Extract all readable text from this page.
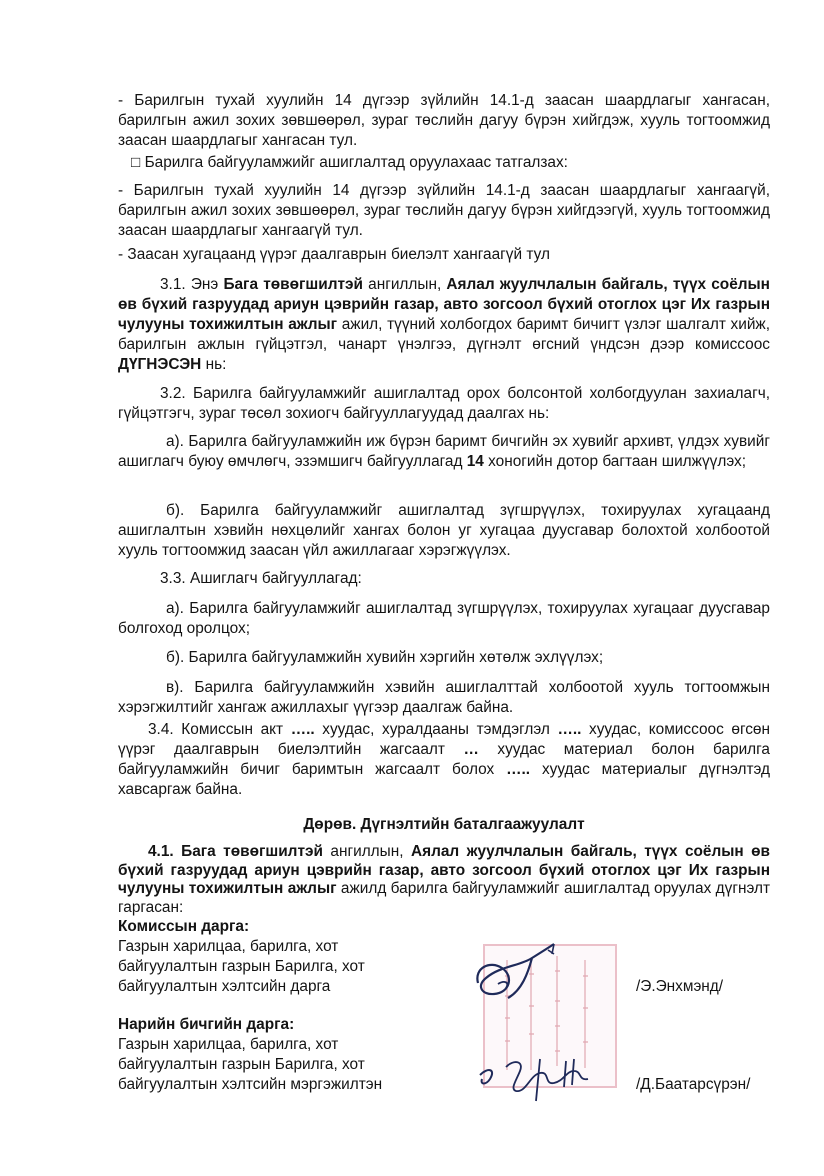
- Барилгын тухай хуулийн 14 дүгээр зүйлийн 14.1-д заасан шаардлагыг хангасан, барилгын ажил зохих зөвшөөрөл, зураг төслийн дагуу бүрэн хийгдэж, хууль тогтоомжид заасан шаардлагыг хангасан тул.

□ Барилга байгууламжийг ашиглалтад оруулахаас татгалзах:

- Барилгын тухай хуулийн 14 дүгээр зүйлийн 14.1-д заасан шаардлагыг хангаагүй, барилгын ажил зохих зөвшөөрөл, зураг төслийн дагуу бүрэн хийгдээгүй, хууль тогтоомжид заасан шаардлагыг хангаагүй тул.

- Заасан хугацаанд үүрэг даалгаврын биелэлт хангаагүй тул

3.1. Энэ Бага төвөгшилтэй ангиллын, Аялал жуулчлалын байгаль, түүх соёлын өв бүхий газруудад ариун цэврийн газар, авто зогсоол бүхий отоглох цэг Их газрын чулууны тохижилтын ажлыг ажил, түүний холбогдох баримт бичигт үзлэг шалгалт хийж, барилгын ажлын гүйцэтгэл, чанарт үнэлгээ, дүгнэлт өгсний үндсэн дээр комиссоос ДҮГНЭСЭН нь:

3.2. Барилга байгууламжийг ашиглалтад орох болсонтой холбогдуулан захиалагч, гүйцэтгэгч, зураг төсөл зохиогч байгууллагуудад даалгах нь:

а). Барилга байгууламжийн иж бүрэн баримт бичгийн эх хувийг архивт, үлдэх хувийг ашиглагч буюу өмчлөгч, эзэмшигч байгууллагад 14 хоногийн дотор багтаан шилжүүлэх;

б). Барилга байгууламжийг ашиглалтад зүгшрүүлэх, тохируулах хугацаанд ашиглалтын хэвийн нөхцөлийг хангах болон уг хугацаа дуусгавар болохтой холбоотой хууль тогтоомжид заасан үйл ажиллагааг хэрэгжүүлэх.

3.3. Ашиглагч байгууллагад:

а). Барилга байгууламжийг ашиглалтад зүгшрүүлэх, тохируулах хугацааг дуусгавар болгоход оролцох;

б). Барилга байгууламжийн хувийн хэргийн хөтөлж эхлүүлэх;

в). Барилга байгууламжийн хэвийн ашиглалттай холбоотой хууль тогтоомжын хэрэгжилтийг хангаж ажиллахыг үүгээр даалгаж байна.

3.4. Комиссын акт ….. хуудас, хуралдааны тэмдэглэл ….. хуудас, комиссоос өгсөн үүрэг даалгаврын биелэлтийн жагсаалт … хуудас материал болон барилга байгууламжийн бичиг баримтын жагсаалт болох ….. хуудас материалыг дүгнэлтэд хавсаргаж байна.

Дөрөв. Дүгнэлтийн баталгаажуулалт

4.1. Бага төвөгшилтэй ангиллын, Аялал жуулчлалын байгаль, түүх соёлын өв бүхий газруудад ариун цэврийн газар, авто зогсоол бүхий отоглох цэг Их газрын чулууны тохижилтын ажлыг ажилд барилга байгууламжийг ашиглалтад оруулах дүгнэлт гаргасан:

Комиссын дарга:
Газрын харилцаа, барилга, хот
байгуулалтын газрын Барилга, хот
байгуулалтын хэлтсийн дарга	/Э.Энхмэнд/
Нарийн бичгийн дарга:
Газрын харилцаа, барилга, хот
байгуулалтын газрын Барилга, хот
байгуулалтын хэлтсийн мэргэжилтэн	/Д.Баатарсүрэн/
